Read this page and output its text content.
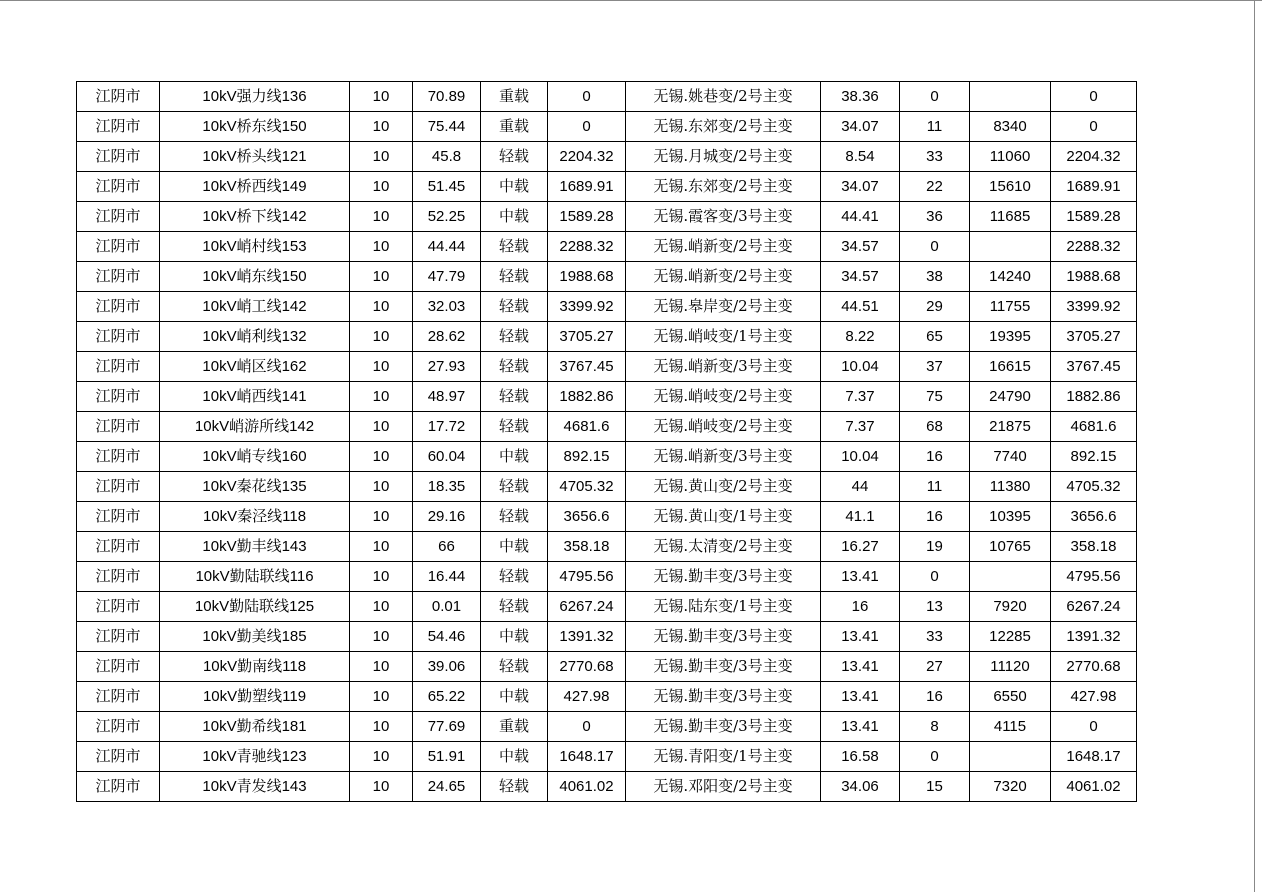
江阴市	10kV强力线136	10	70.89	重载	0	无锡.姚巷变/2号主变	38.36	0		0
江阴市	10kV桥东线150	10	75.44	重载	0	无锡.东郊变/2号主变	34.07	11	8340	0
江阴市	10kV桥头线121	10	45.8	轻载	2204.32	无锡.月城变/2号主变	8.54	33	11060	2204.32
江阴市	10kV桥西线149	10	51.45	中载	1689.91	无锡.东郊变/2号主变	34.07	22	15610	1689.91
江阴市	10kV桥下线142	10	52.25	中载	1589.28	无锡.霞客变/3号主变	44.41	36	11685	1589.28
江阴市	10kV峭村线153	10	44.44	轻载	2288.32	无锡.峭新变/2号主变	34.57	0		2288.32
江阴市	10kV峭东线150	10	47.79	轻载	1988.68	无锡.峭新变/2号主变	34.57	38	14240	1988.68
江阴市	10kV峭工线142	10	32.03	轻载	3399.92	无锡.皋岸变/2号主变	44.51	29	11755	3399.92
江阴市	10kV峭利线132	10	28.62	轻载	3705.27	无锡.峭岐变/1号主变	8.22	65	19395	3705.27
江阴市	10kV峭区线162	10	27.93	轻载	3767.45	无锡.峭新变/3号主变	10.04	37	16615	3767.45
江阴市	10kV峭西线141	10	48.97	轻载	1882.86	无锡.峭岐变/2号主变	7.37	75	24790	1882.86
江阴市	10kV峭游所线142	10	17.72	轻载	4681.6	无锡.峭岐变/2号主变	7.37	68	21875	4681.6
江阴市	10kV峭专线160	10	60.04	中载	892.15	无锡.峭新变/3号主变	10.04	16	7740	892.15
江阴市	10kV秦花线135	10	18.35	轻载	4705.32	无锡.黄山变/2号主变	44	11	11380	4705.32
江阴市	10kV秦泾线118	10	29.16	轻载	3656.6	无锡.黄山变/1号主变	41.1	16	10395	3656.6
江阴市	10kV勤丰线143	10	66	中载	358.18	无锡.太清变/2号主变	16.27	19	10765	358.18
江阴市	10kV勤陆联线116	10	16.44	轻载	4795.56	无锡.勤丰变/3号主变	13.41	0		4795.56
江阴市	10kV勤陆联线125	10	0.01	轻载	6267.24	无锡.陆东变/1号主变	16	13	7920	6267.24
江阴市	10kV勤美线185	10	54.46	中载	1391.32	无锡.勤丰变/3号主变	13.41	33	12285	1391.32
江阴市	10kV勤南线118	10	39.06	轻载	2770.68	无锡.勤丰变/3号主变	13.41	27	11120	2770.68
江阴市	10kV勤塑线119	10	65.22	中载	427.98	无锡.勤丰变/3号主变	13.41	16	6550	427.98
江阴市	10kV勤希线181	10	77.69	重载	0	无锡.勤丰变/3号主变	13.41	8	4115	0
江阴市	10kV青驰线123	10	51.91	中载	1648.17	无锡.青阳变/1号主变	16.58	0		1648.17
江阴市	10kV青发线143	10	24.65	轻载	4061.02	无锡.邓阳变/2号主变	34.06	15	7320	4061.02
